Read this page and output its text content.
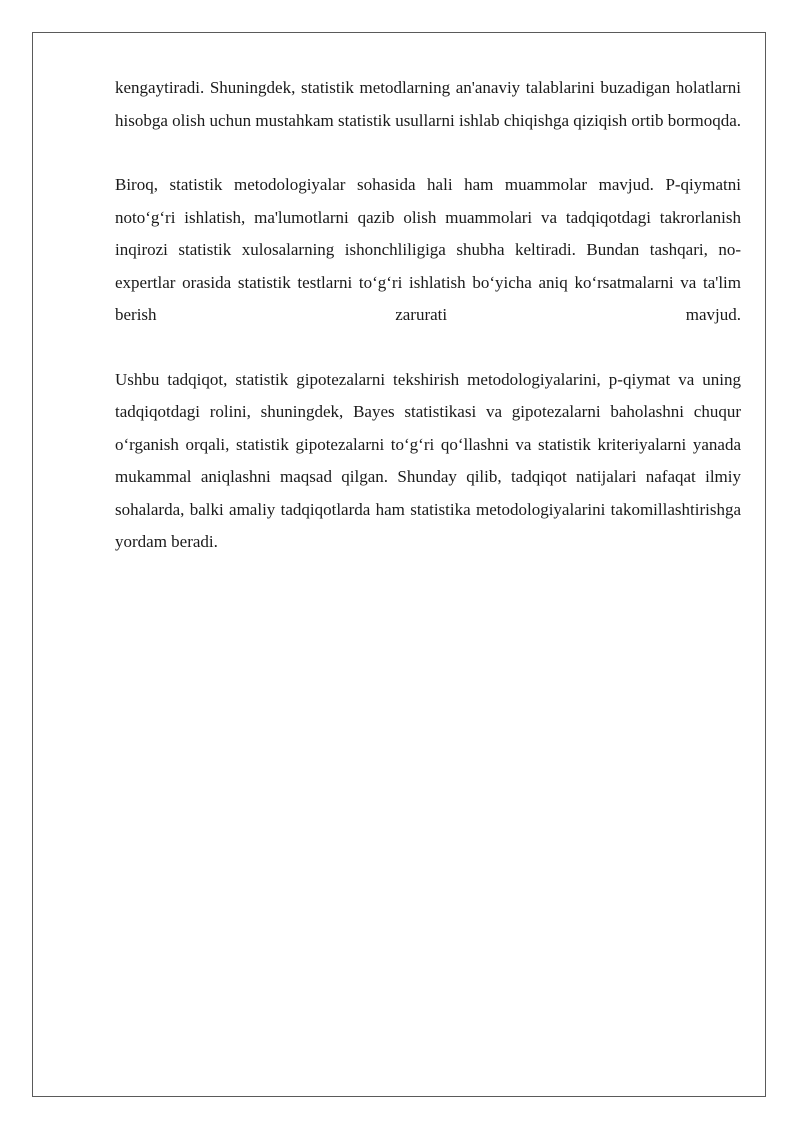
kengaytiradi. Shuningdek, statistik metodlarning an'anaviy talablarini buzadigan holatlarni hisobga olish uchun mustahkam statistik usullarni ishlab chiqishga qiziqish ortib bormoqda.

Biroq, statistik metodologiyalar sohasida hali ham muammolar mavjud. P-qiymatni noto‘g‘ri ishlatish, ma'lumotlarni qazib olish muammolari va tadqiqotdagi takrorlanish inqirozi statistik xulosalarning ishonchliligiga shubha keltiradi. Bundan tashqari, no-expertlar orasida statistik testlarni to‘g‘ri ishlatish bo‘yicha aniq ko‘rsatmalarni va ta'lim berish zarurati mavjud.

Ushbu tadqiqot, statistik gipotezalarni tekshirish metodologiyalarini, p-qiymat va uning tadqiqotdagi rolini, shuningdek, Bayes statistikasi va gipotezalarni baholashni chuqur o‘rganish orqali, statistik gipotezalarni to‘g‘ri qo‘llashni va statistik kriteriyalarni yanada mukammal aniqlashni maqsad qilgan. Shunday qilib, tadqiqot natijalari nafaqat ilmiy sohalarda, balki amaliy tadqiqotlarda ham statistika metodologiyalarini takomillashtirishga yordam beradi.
